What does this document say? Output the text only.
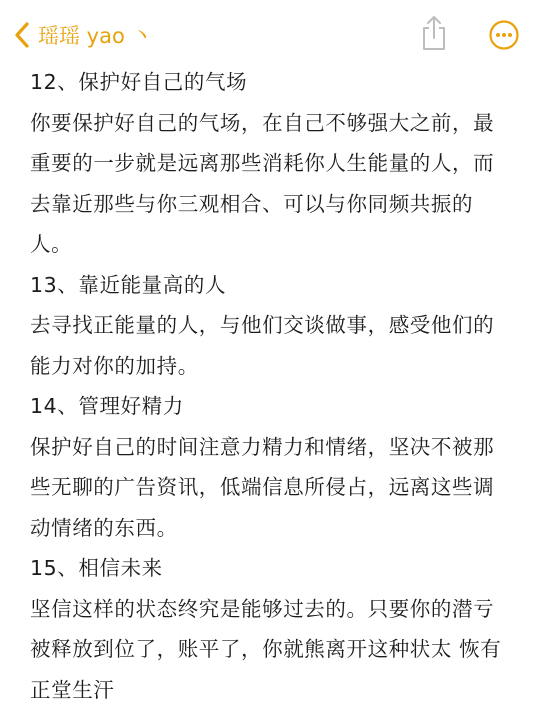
瑶瑶 yao 丶
12、保护好自己的气场
你要保护好自己的气场，在自己不够强大之前，最
重要的一步就是远离那些消耗你人生能量的人，而
去靠近那些与你三观相合、可以与你同频共振的
人。
13、靠近能量高的人
去寻找正能量的人，与他们交谈做事，感受他们的
能力对你的加持。
14、管理好精力
保护好自己的时间注意力精力和情绪，坚决不被那
些无聊的广告资讯，低端信息所侵占，远离这些调
动情绪的东西。
15、相信未来
坚信这样的状态终究是能够过去的。只要你的潜亏
被释放到位了，账平了，你就熊离开这种状太 恢有
正堂生汗
